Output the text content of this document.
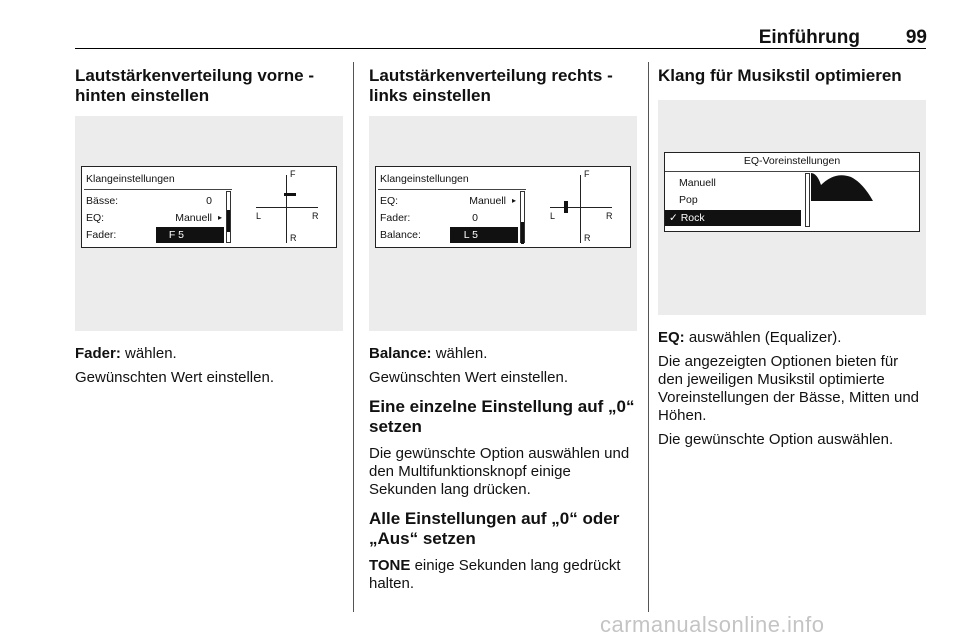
Einführung	99
Lautstärkenverteilung vorne - hinten einstellen
Klangeinstellungen
Bässe:	0
EQ:	Manuell ▸
Fader:	F 5
F
R
L	R

Fader: wählen.

Gewünschten Wert einstellen.

Lautstärkenverteilung rechts - links einstellen
Klangeinstellungen
EQ:	Manuell ▸
Fader:	0
Balance:	L 5
F
R
L	R

Balance: wählen.

Gewünschten Wert einstellen.

Eine einzelne Einstellung auf „0“ setzen

Die gewünschte Option auswählen und den Multifunktionsknopf einige Sekunden lang drücken.

Alle Einstellungen auf „0“ oder „Aus“ setzen

TONE einige Sekunden lang gedrückt halten.

Klang für Musikstil optimieren
EQ-Voreinstellungen
Manuell
Pop
✓ Rock

EQ: auswählen (Equalizer).

Die angezeigten Optionen bieten für den jeweiligen Musikstil optimierte Voreinstellungen der Bässe, Mitten und Höhen.

Die gewünschte Option auswählen.

carmanualsonline.info
